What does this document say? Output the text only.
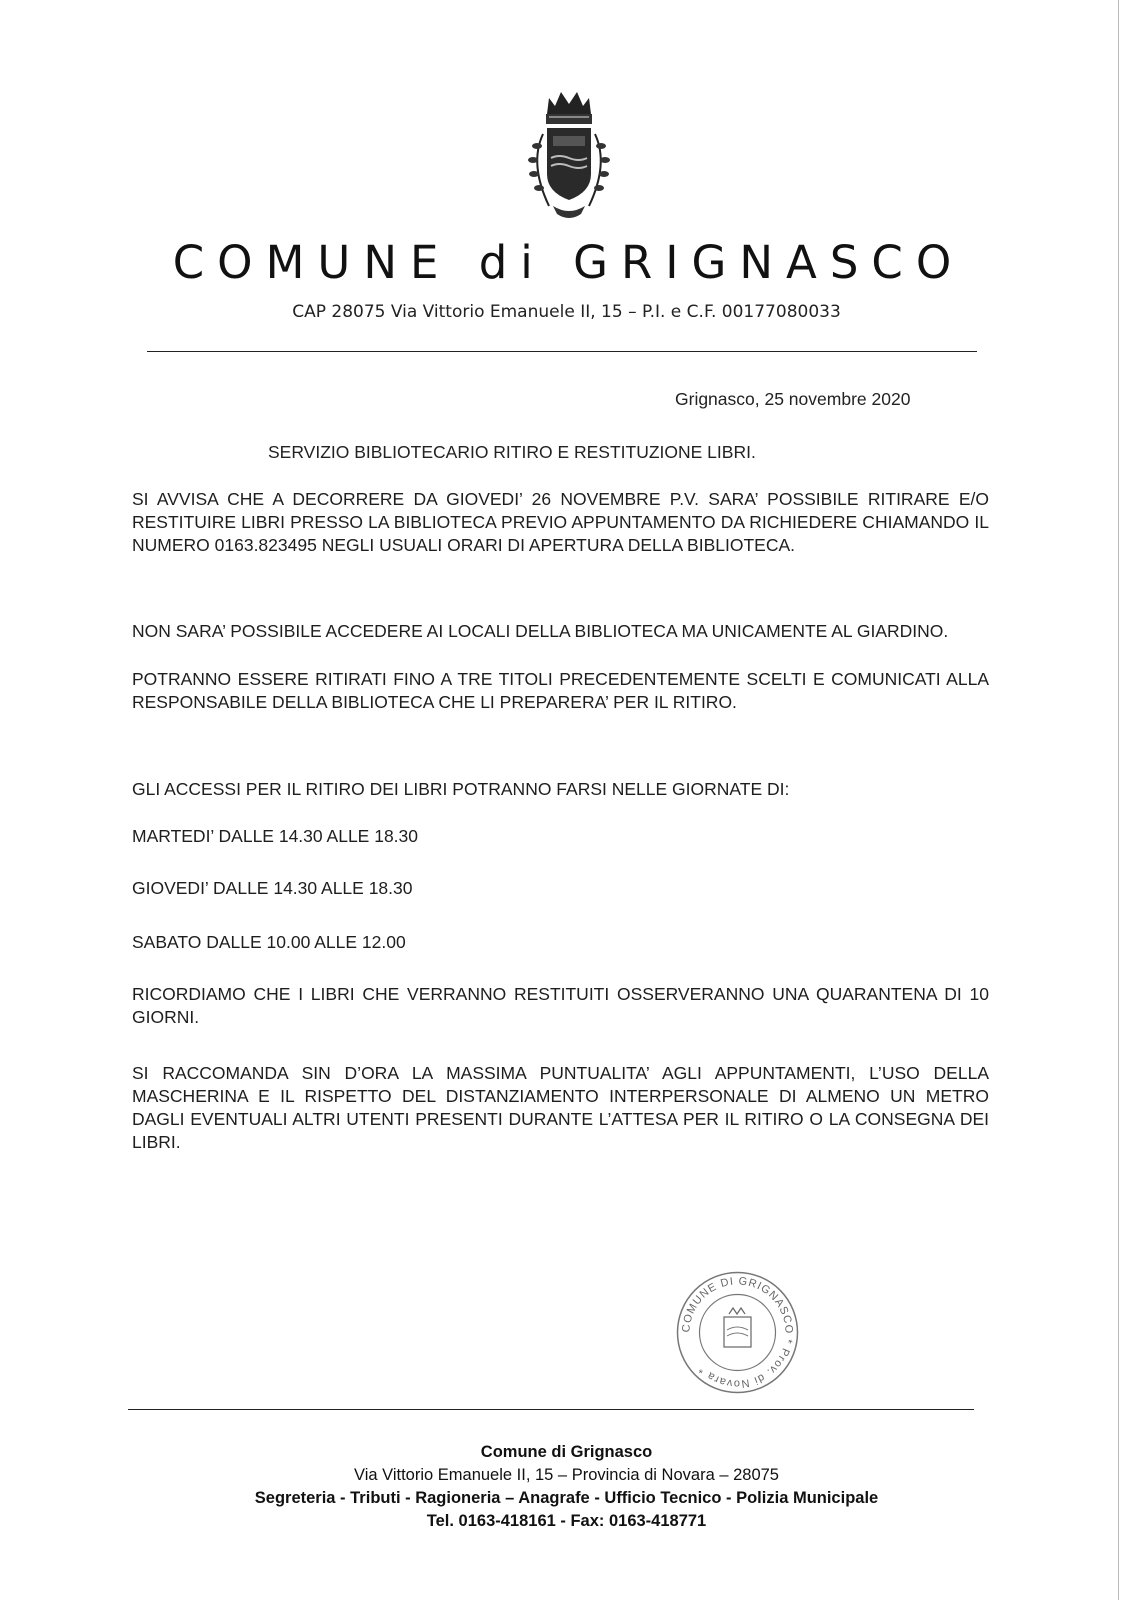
COMUNE di GRIGNASCO
CAP 28075 Via Vittorio Emanuele II, 15 – P.I. e C.F. 00177080033
Grignasco, 25 novembre 2020
SERVIZIO BIBLIOTECARIO RITIRO E RESTITUZIONE LIBRI.

SI AVVISA CHE A DECORRERE DA GIOVEDI’ 26 NOVEMBRE P.V. SARA’ POSSIBILE RITIRARE E/O RESTITUIRE LIBRI PRESSO LA BIBLIOTECA PREVIO APPUNTAMENTO DA RICHIEDERE CHIAMANDO IL NUMERO 0163.823495 NEGLI USUALI ORARI DI APERTURA DELLA BIBLIOTECA.

NON SARA’ POSSIBILE ACCEDERE AI LOCALI DELLA BIBLIOTECA MA UNICAMENTE AL GIARDINO.

POTRANNO ESSERE RITIRATI FINO A TRE TITOLI PRECEDENTEMENTE SCELTI E COMUNICATI ALLA RESPONSABILE DELLA BIBLIOTECA CHE LI PREPARERA’ PER IL RITIRO.

GLI ACCESSI PER IL RITIRO DEI LIBRI POTRANNO FARSI NELLE GIORNATE DI:

MARTEDI’ DALLE 14.30 ALLE 18.30
GIOVEDI’ DALLE 14.30 ALLE 18.30
SABATO DALLE 10.00 ALLE 12.00

RICORDIAMO CHE I LIBRI CHE VERRANNO RESTITUITI OSSERVERANNO UNA QUARANTENA DI 10 GIORNI.

SI RACCOMANDA SIN D’ORA LA MASSIMA PUNTUALITA’ AGLI APPUNTAMENTI, L’USO DELLA MASCHERINA E IL RISPETTO DEL DISTANZIAMENTO INTERPERSONALE DI ALMENO UN METRO DAGLI EVENTUALI ALTRI UTENTI PRESENTI DURANTE L’ATTESA PER IL RITIRO O LA CONSEGNA DEI LIBRI.

COMUNE DI GRIGNASCO * Prov. di Novara *
Comune di Grignasco
Via Vittorio Emanuele II, 15 – Provincia di Novara – 28075
Segreteria - Tributi - Ragioneria – Anagrafe - Ufficio Tecnico - Polizia Municipale
Tel. 0163-418161 - Fax: 0163-418771
